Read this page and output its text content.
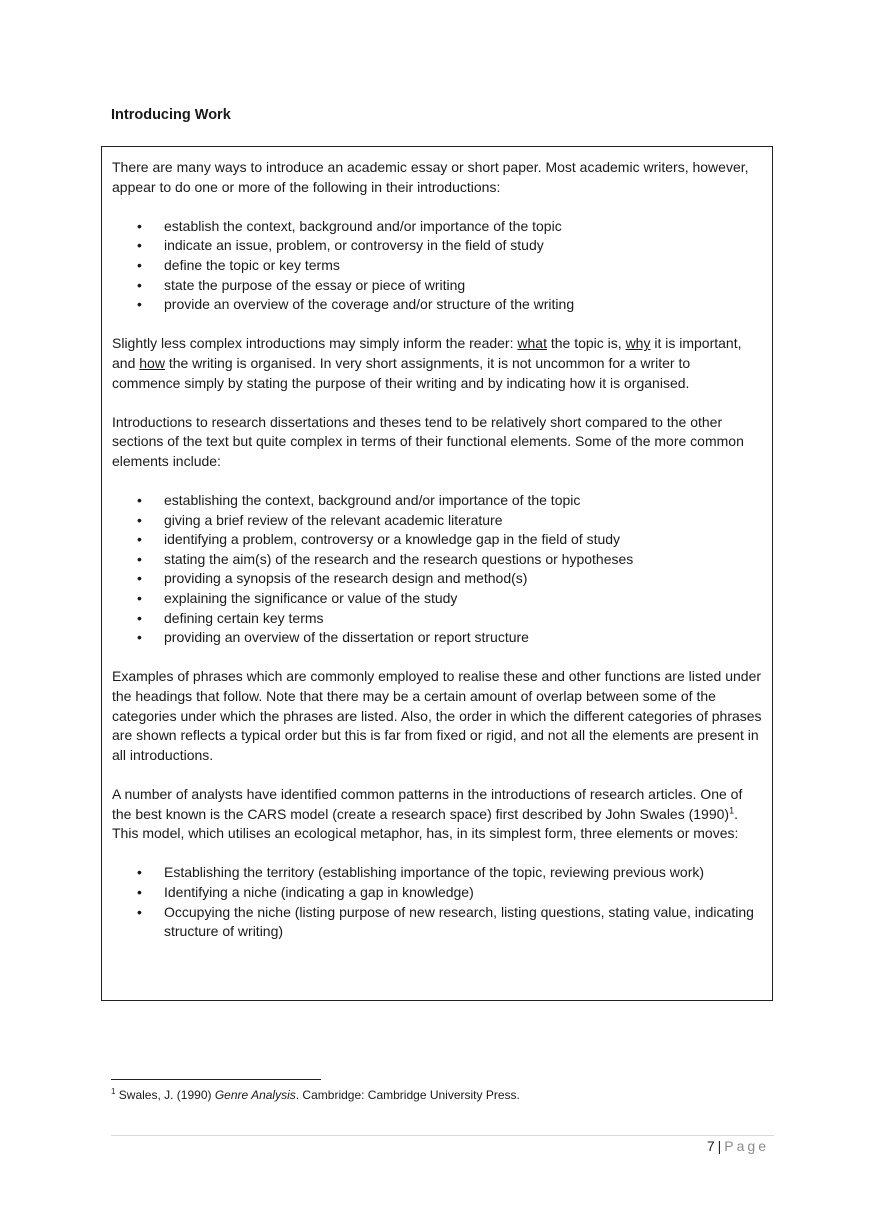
Introducing Work

There are many ways to introduce an academic essay or short paper. Most academic writers, however, appear to do one or more of the following in their introductions:

• establish the context, background and/or importance of the topic
• indicate an issue, problem, or controversy in the field of study
• define the topic or key terms
• state the purpose of the essay or piece of writing
• provide an overview of the coverage and/or structure of the writing

Slightly less complex introductions may simply inform the reader: what the topic is, why it is important, and how the writing is organised. In very short assignments, it is not uncommon for a writer to commence simply by stating the purpose of their writing and by indicating how it is organised.

Introductions to research dissertations and theses tend to be relatively short compared to the other sections of the text but quite complex in terms of their functional elements. Some of the more common elements include:

• establishing the context, background and/or importance of the topic
• giving a brief review of the relevant academic literature
• identifying a problem, controversy or a knowledge gap in the field of study
• stating the aim(s) of the research and the research questions or hypotheses
• providing a synopsis of the research design and method(s)
• explaining the significance or value of the study
• defining certain key terms
• providing an overview of the dissertation or report structure

Examples of phrases which are commonly employed to realise these and other functions are listed under the headings that follow. Note that there may be a certain amount of overlap between some of the categories under which the phrases are listed. Also, the order in which the different categories of phrases are shown reflects a typical order but this is far from fixed or rigid, and not all the elements are present in all introductions.

A number of analysts have identified common patterns in the introductions of research articles. One of the best known is the CARS model (create a research space) first described by John Swales $(1990)^1$. This model, which utilises an ecological metaphor, has, in its simplest form, three elements or moves:

• Establishing the territory (establishing importance of the topic, reviewing previous work)
• Identifying a niche (indicating a gap in knowledge)
• Occupying the niche (listing purpose of new research, listing questions, stating value, indicating structure of writing)
$^1$ Swales, J. (1990) Genre Analysis. Cambridge: Cambridge University Press.
7 | Page
